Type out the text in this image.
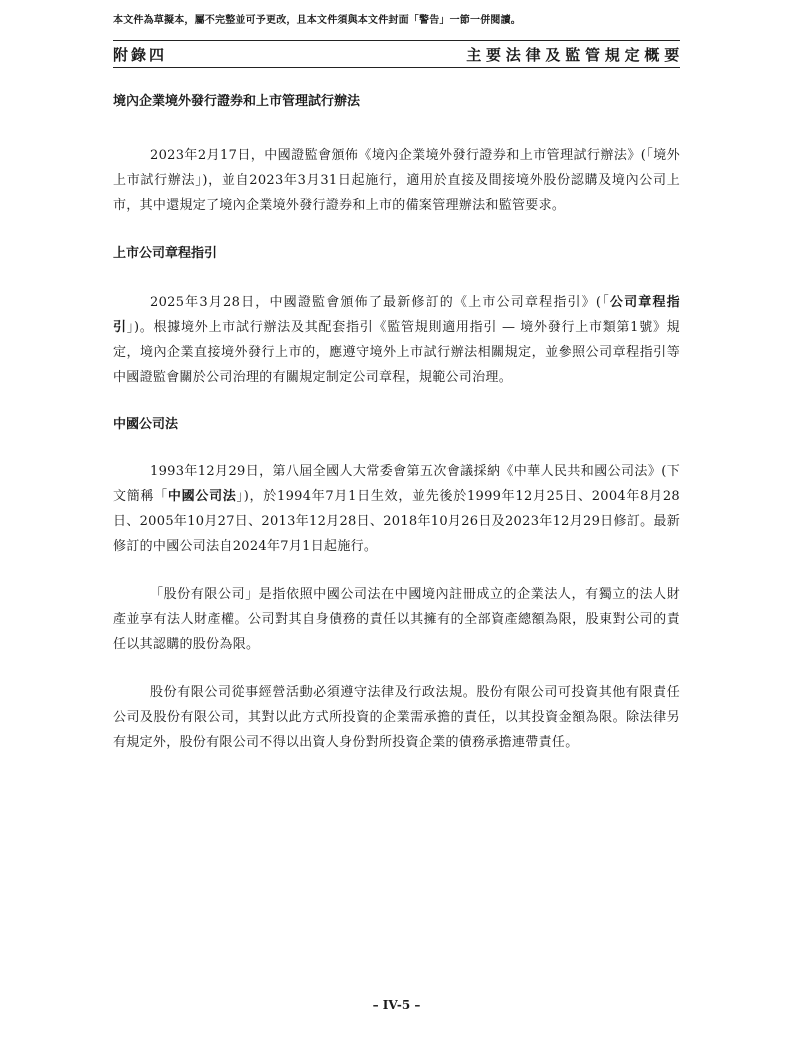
本文件為草擬本，屬不完整並可予更改，且本文件須與本文件封面「警告」一節一併閱讀。
附錄四	主要法律及監管規定概要
境內企業境外發行證券和上市管理試行辦法

2023年2月17日，中國證監會頒佈《境內企業境外發行證券和上市管理試行辦法》(「境外上市試行辦法」)，並自2023年3月31日起施行，適用於直接及間接境外股份認購及境內公司上市，其中還規定了境內企業境外發行證券和上市的備案管理辦法和監管要求。

上市公司章程指引

2025年3月28日，中國證監會頒佈了最新修訂的《上市公司章程指引》(「公司章程指引」)。根據境外上市試行辦法及其配套指引《監管規則適用指引 — 境外發行上市類第1號》規定，境內企業直接境外發行上市的，應遵守境外上市試行辦法相關規定，並參照公司章程指引等中國證監會關於公司治理的有關規定制定公司章程，規範公司治理。

中國公司法

1993年12月29日，第八屆全國人大常委會第五次會議採納《中華人民共和國公司法》(下文簡稱「中國公司法」)，於1994年7月1日生效，並先後於1999年12月25日、2004年8月28日、2005年10月27日、2013年12月28日、2018年10月26日及2023年12月29日修訂。最新修訂的中國公司法自2024年7月1日起施行。

「股份有限公司」是指依照中國公司法在中國境內註冊成立的企業法人，有獨立的法人財產並享有法人財產權。公司對其自身債務的責任以其擁有的全部資產總額為限，股東對公司的責任以其認購的股份為限。

股份有限公司從事經營活動必須遵守法律及行政法規。股份有限公司可投資其他有限責任公司及股份有限公司，其對以此方式所投資的企業需承擔的責任，以其投資金額為限。除法律另有規定外，股份有限公司不得以出資人身份對所投資企業的債務承擔連帶責任。

– IV-5 –
